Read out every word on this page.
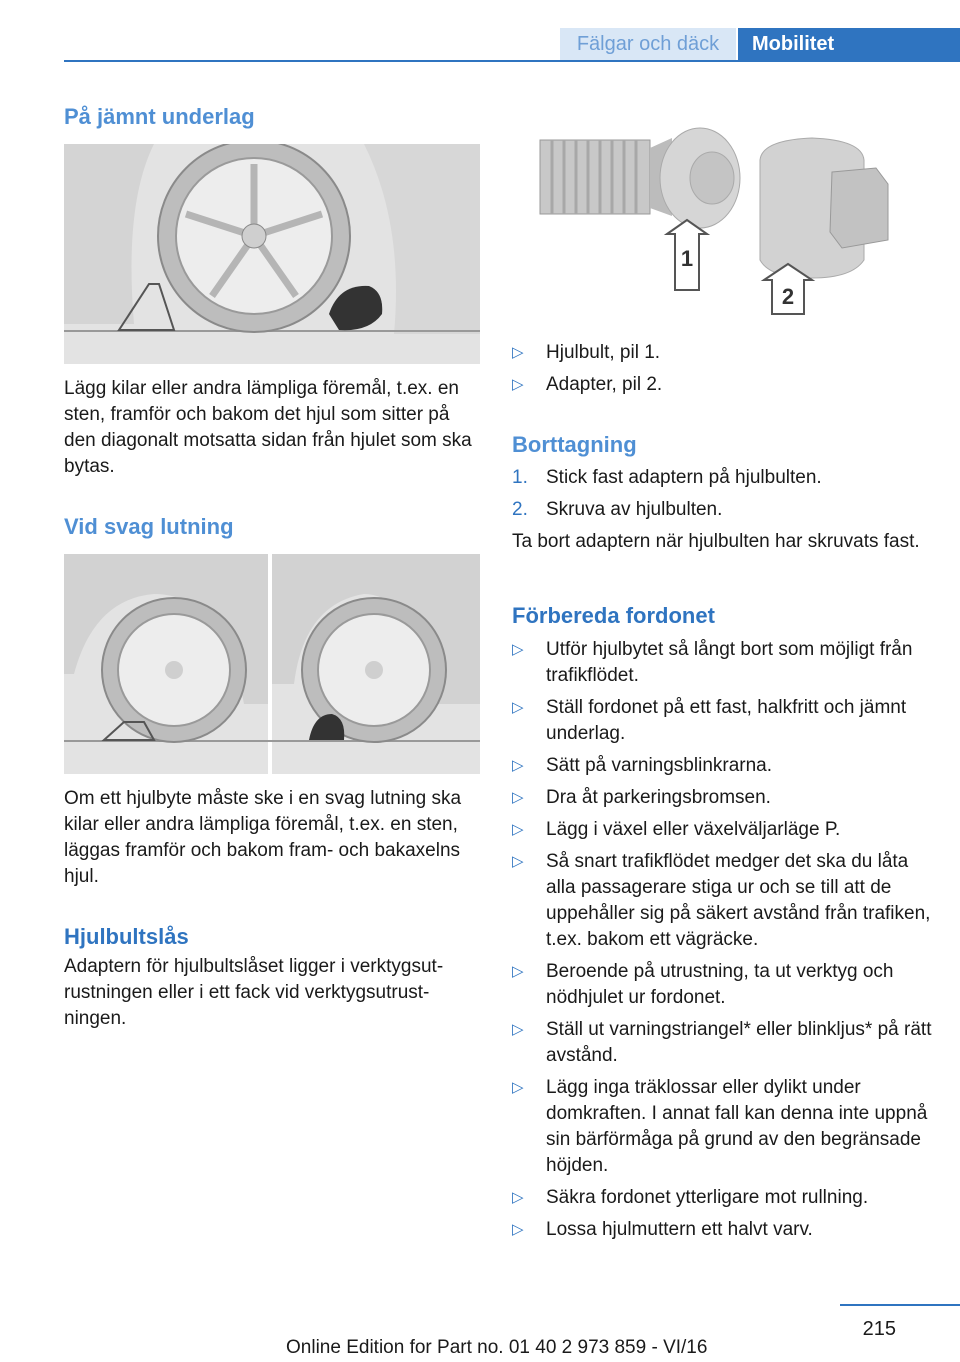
Fälgar och däck	Mobilitet
På jämnt underlag

Lägg kilar eller andra lämpliga föremål, t.ex. en sten, framför och bakom det hjul som sitter på den diagonalt motsatta sidan från hjulet som ska bytas.

Vid svag lutning

Om ett hjulbyte måste ske i en svag lutning ska kilar eller andra lämpliga föremål, t.ex. en sten, läggas framför och bakom fram- och bakaxelns hjul.

Hjulbultslås

Adaptern för hjulbultslåset ligger i verktygsutrustningen eller i ett fack vid verktygsutrustningen.

1
2
▷ Hjulbult, pil 1.
▷ Adapter, pil 2.
Borttagning
1. Stick fast adaptern på hjulbulten.
2. Skruva av hjulbulten.

Ta bort adaptern när hjulbulten har skruvats fast.

Förbereda fordonet
▷ Utför hjulbytet så långt bort som möjligt från trafikflödet.
▷ Ställ fordonet på ett fast, halkfritt och jämnt underlag.
▷ Sätt på varningsblinkrarna.
▷ Dra åt parkeringsbromsen.
▷ Lägg i växel eller växelväljarläge P.
▷ Så snart trafikflödet medger det ska du låta alla passagerare stiga ur och se till att de uppehåller sig på säkert avstånd från trafiken, t.ex. bakom ett vägräcke.
▷ Beroende på utrustning, ta ut verktyg och nödhjulet ur fordonet.
▷ Ställ ut varningstriangel* eller blinkljus* på rätt avstånd.
▷ Lägg inga träklossar eller dylikt under domkraften. I annat fall kan denna inte uppnå sin bärförmåga på grund av den begränsade höjden.
▷ Säkra fordonet ytterligare mot rullning.
▷ Lossa hjulmuttern ett halvt varv.
215
Online Edition for Part no. 01 40 2 973 859 - VI/16
